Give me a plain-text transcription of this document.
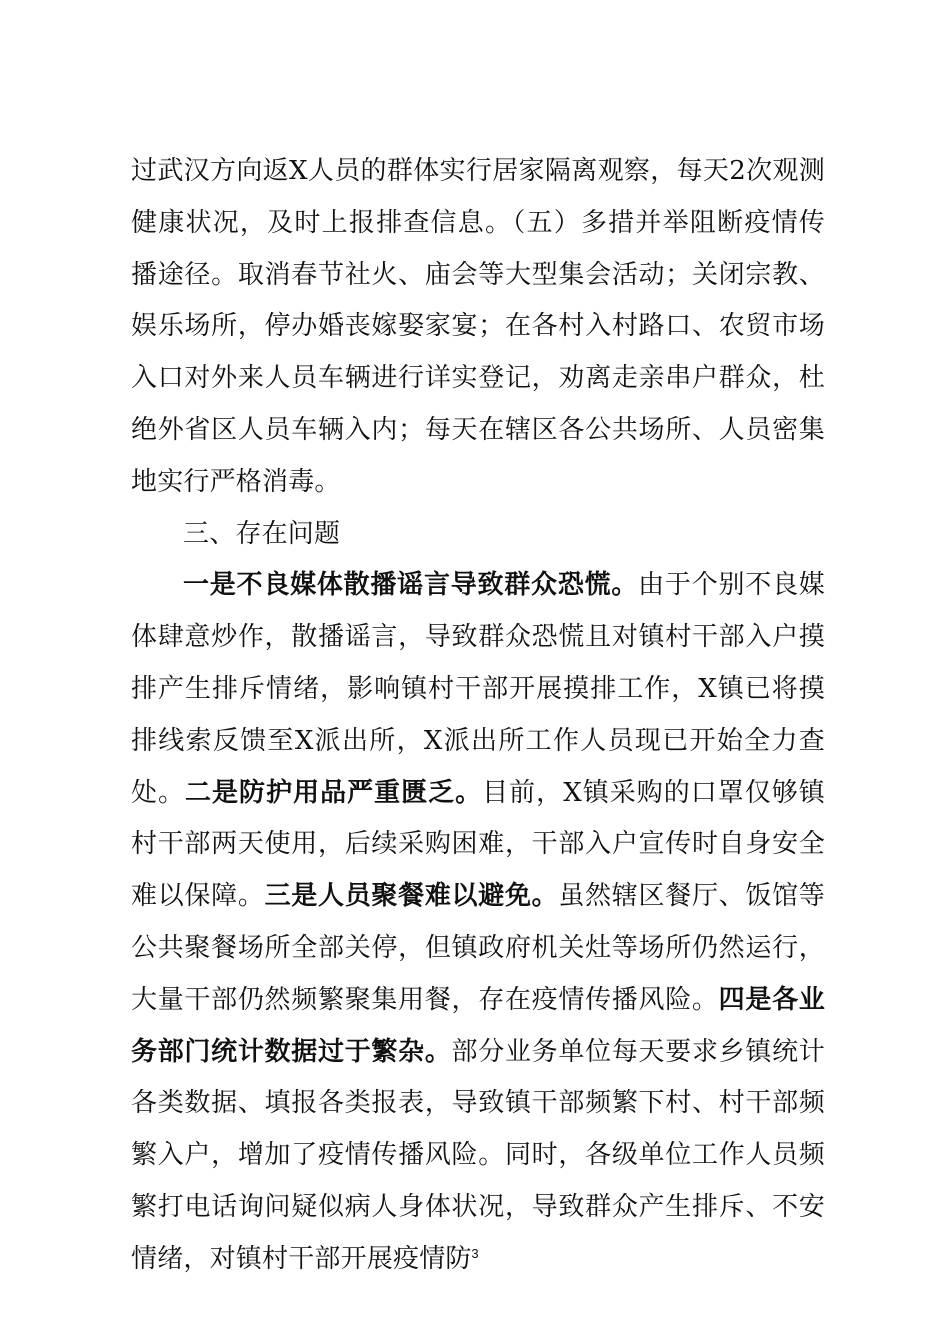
过武汉方向返X人员的群体实行居家隔离观察，每天2次观测健康状况，及时上报排查信息。（五）多措并举阻断疫情传播途径。取消春节社火、庙会等大型集会活动；关闭宗教、娱乐场所，停办婚丧嫁娶家宴；在各村入村路口、农贸市场入口对外来人员车辆进行详实登记，劝离走亲串户群众，杜绝外省区人员车辆入内；每天在辖区各公共场所、人员密集地实行严格消毒。

三、存在问题

一是不良媒体散播谣言导致群众恐慌。由于个别不良媒体肆意炒作，散播谣言，导致群众恐慌且对镇村干部入户摸排产生排斥情绪，影响镇村干部开展摸排工作，X镇已将摸排线索反馈至X派出所，X派出所工作人员现已开始全力查处。二是防护用品严重匮乏。目前，X镇采购的口罩仅够镇村干部两天使用，后续采购困难，干部入户宣传时自身安全难以保障。三是人员聚餐难以避免。虽然辖区餐厅、饭馆等公共聚餐场所全部关停，但镇政府机关灶等场所仍然运行，大量干部仍然频繁聚集用餐，存在疫情传播风险。四是各业务部门统计数据过于繁杂。部分业务单位每天要求乡镇统计各类数据、填报各类报表，导致镇干部频繁下村、村干部频繁入户，增加了疫情传播风险。同时，各级单位工作人员频繁打电话询问疑似病人身体状况，导致群众产生排斥、不安情绪，对镇村干部开展疫情防 3
